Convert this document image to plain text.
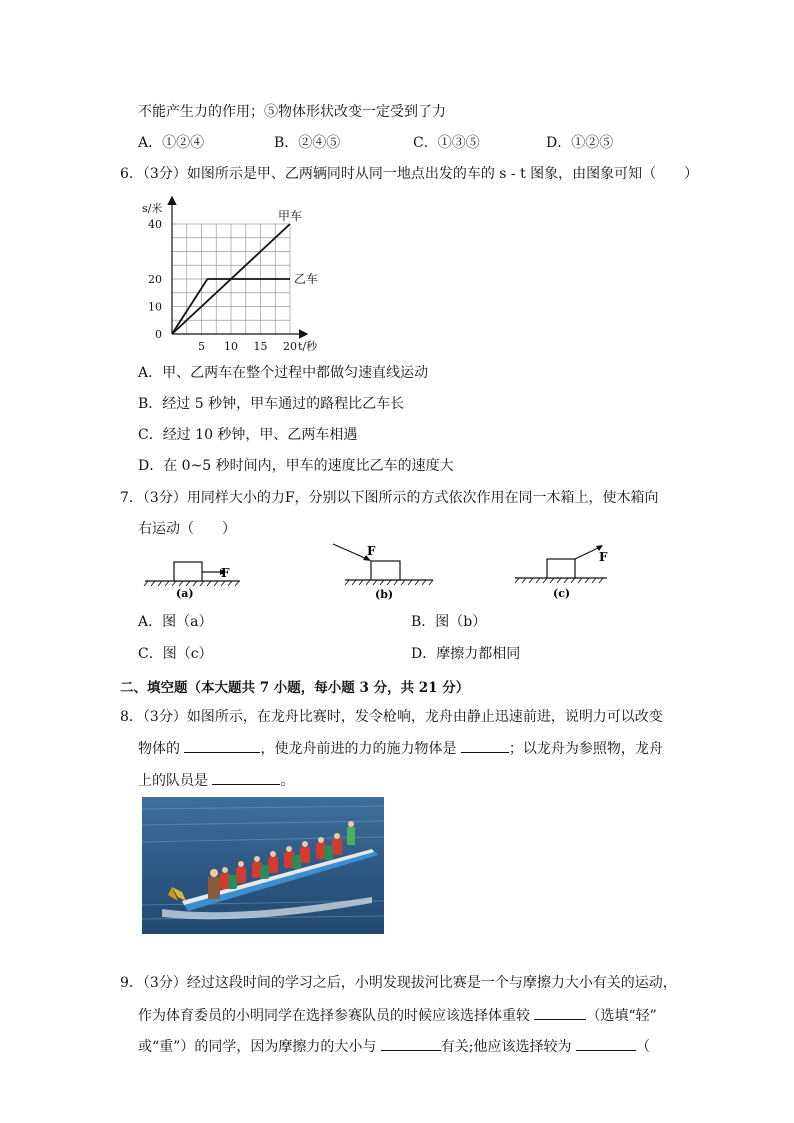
不能产生力的作用；⑤物体形状改变一定受到了力
A．①②④	B．②④⑤	C．①③⑤	D．①②⑤
6．（3分）如图所示是甲、乙两辆同时从同一地点出发的车的 s - t 图象，由图象可知（　　）
0
10
20
40
5 10 15 20
s/米
t/秒
甲车
乙车
A．甲、乙两车在整个过程中都做匀速直线运动
B．经过 5 秒钟，甲车通过的路程比乙车长
C．经过 10 秒钟，甲、乙两车相遇
D．在 0~5 秒时间内，甲车的速度比乙车的速度大
7．（3分）用同样大小的力F，分别以下图所示的方式依次作用在同一木箱上，使木箱向
右运动（　　）
F
(a)
F
(b)
F
(c)
A．图（a）	B．图（b）
C．图（c）	D．摩擦力都相同
二、填空题（本大题共 7 小题，每小题 3 分，共 21 分）
8．（3分）如图所示，在龙舟比赛时，发令枪响，龙舟由静止迅速前进，说明力可以改变
物体的	，使龙舟前进的力的施力物体是	；以龙舟为参照物，龙舟
上的队员是	。
9．（3分）经过这段时间的学习之后，小明发现拔河比赛是一个与摩擦力大小有关的运动，
作为体育委员的小明同学在选择参赛队员的时候应该选择体重较	（选填“轻”
或“重”）的同学，因为摩擦力的大小与	有关;他应该选择较为	（
